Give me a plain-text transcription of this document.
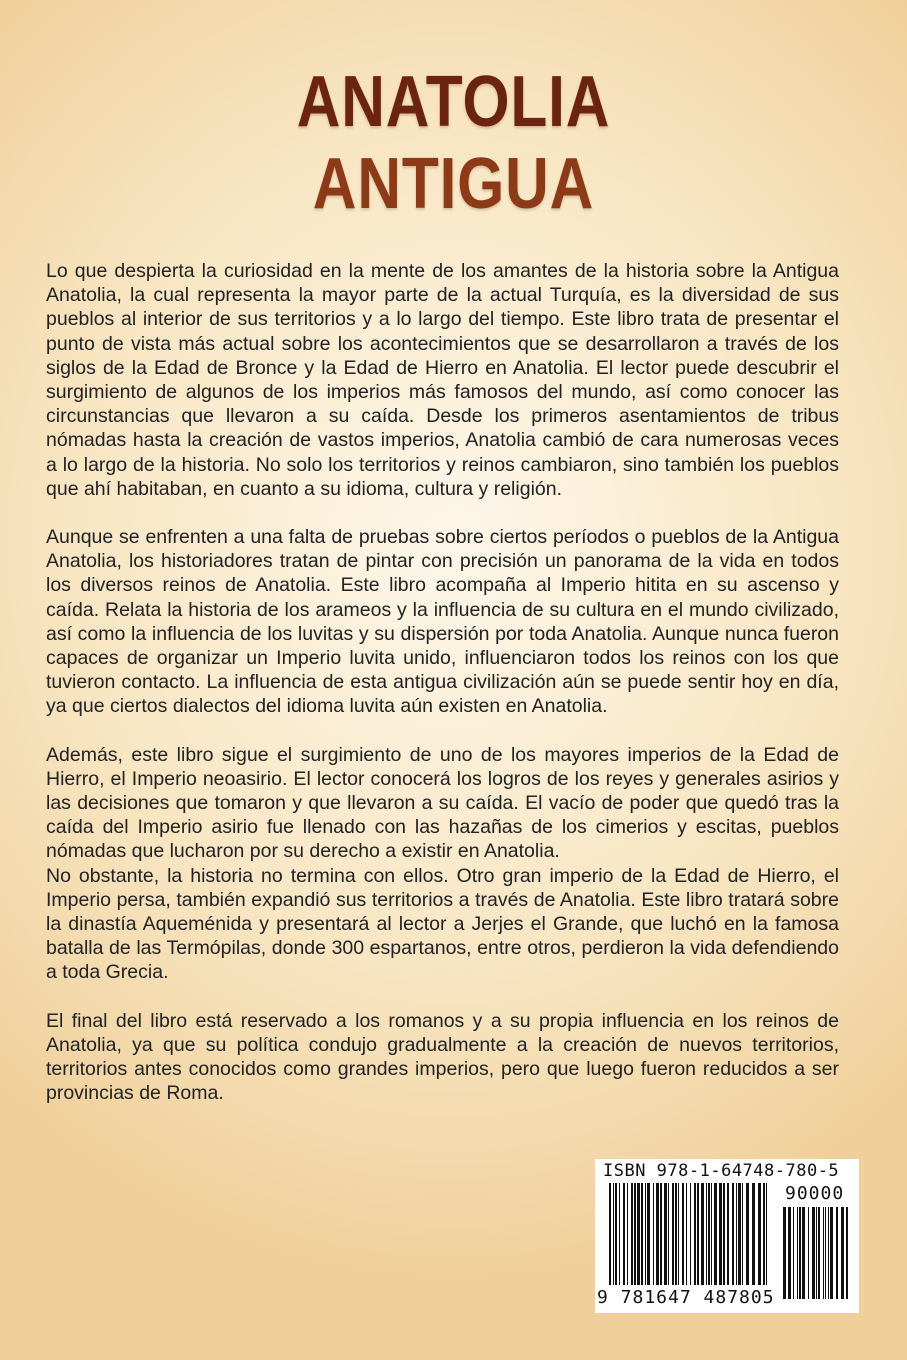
ANATOLIA
ANTIGUA

Lo que despierta la curiosidad en la mente de los amantes de la historia sobre la Antigua Anatolia, la cual representa la mayor parte de la actual Turquía, es la diversidad de sus pueblos al interior de sus territorios y a lo largo del tiempo. Este libro trata de presentar el punto de vista más actual sobre los acontecimientos que se desarrollaron a través de los siglos de la Edad de Bronce y la Edad de Hierro en Anatolia. El lector puede descubrir el surgimiento de algunos de los imperios más famosos del mundo, así como conocer las circunstancias que llevaron a su caída. Desde los primeros asentamientos de tribus nómadas hasta la creación de vastos imperios, Anatolia cambió de cara numerosas veces a lo largo de la historia. No solo los territorios y reinos cambiaron, sino también los pueblos que ahí habitaban, en cuanto a su idioma, cultura y religión.

Aunque se enfrenten a una falta de pruebas sobre ciertos períodos o pueblos de la Antigua Anatolia, los historiadores tratan de pintar con precisión un panorama de la vida en todos los diversos reinos de Anatolia. Este libro acompaña al Imperio hitita en su ascenso y caída. Relata la historia de los arameos y la influencia de su cultura en el mundo civilizado, así como la influencia de los luvitas y su dispersión por toda Anatolia. Aunque nunca fueron capaces de organizar un Imperio luvita unido, influenciaron todos los reinos con los que tuvieron contacto. La influencia de esta antigua civilización aún se puede sentir hoy en día, ya que ciertos dialectos del idioma luvita aún existen en Anatolia.

Además, este libro sigue el surgimiento de uno de los mayores imperios de la Edad de Hierro, el Imperio neoasirio. El lector conocerá los logros de los reyes y generales asirios y las decisiones que tomaron y que llevaron a su caída. El vacío de poder que quedó tras la caída del Imperio asirio fue llenado con las hazañas de los cimerios y escitas, pueblos nómadas que lucharon por su derecho a existir en Anatolia.

No obstante, la historia no termina con ellos. Otro gran imperio de la Edad de Hierro, el Imperio persa, también expandió sus territorios a través de Anatolia. Este libro tratará sobre la dinastía Aqueménida y presentará al lector a Jerjes el Grande, que luchó en la famosa batalla de las Termópilas, donde 300 espartanos, entre otros, perdieron la vida defendiendo a toda Grecia.

El final del libro está reservado a los romanos y a su propia influencia en los reinos de Anatolia, ya que su política condujo gradualmente a la creación de nuevos territorios, territorios antes conocidos como grandes imperios, pero que luego fueron reducidos a ser provincias de Roma.

ISBN 978-1-64748-780-5
90000
9 781647 487805
